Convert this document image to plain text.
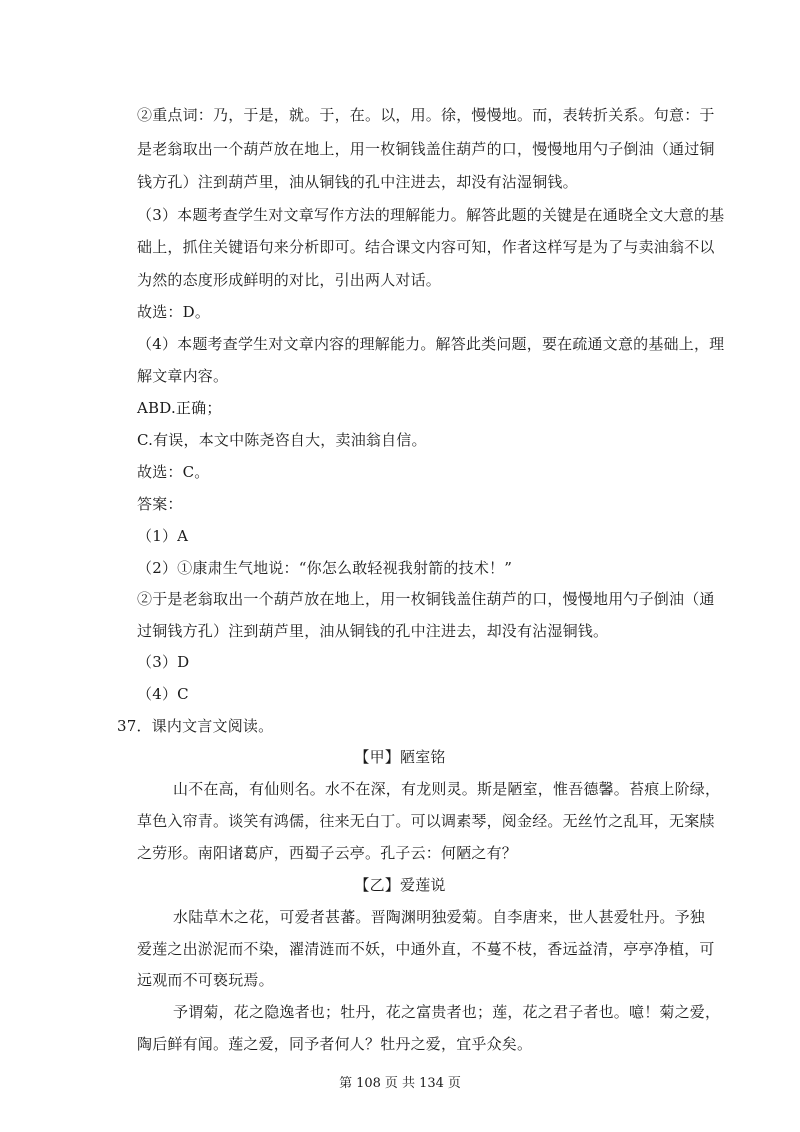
②重点词：乃，于是，就。于，在。以，用。徐，慢慢地。而，表转折关系。句意：于
是老翁取出一个葫芦放在地上，用一枚铜钱盖住葫芦的口，慢慢地用勺子倒油（通过铜
钱方孔）注到葫芦里，油从铜钱的孔中注进去，却没有沾湿铜钱。
（3）本题考查学生对文章写作方法的理解能力。解答此题的关键是在通晓全文大意的基
础上，抓住关键语句来分析即可。结合课文内容可知，作者这样写是为了与卖油翁不以
为然的态度形成鲜明的对比，引出两人对话。
故选：D。
（4）本题考查学生对文章内容的理解能力。解答此类问题，要在疏通文意的基础上，理
解文章内容。
ABD.正确；
C.有误，本文中陈尧咨自大，卖油翁自信。
故选：C。
答案：
（1）A
（2）①康肃生气地说：“你怎么敢轻视我射箭的技术！”
②于是老翁取出一个葫芦放在地上，用一枚铜钱盖住葫芦的口，慢慢地用勺子倒油（通
过铜钱方孔）注到葫芦里，油从铜钱的孔中注进去，却没有沾湿铜钱。
（3）D
（4）C
37．课内文言文阅读。
【甲】陋室铭
山不在高，有仙则名。水不在深，有龙则灵。斯是陋室，惟吾德馨。苔痕上阶绿，
草色入帘青。谈笑有鸿儒，往来无白丁。可以调素琴，阅金经。无丝竹之乱耳，无案牍
之劳形。南阳诸葛庐，西蜀子云亭。孔子云：何陋之有？
【乙】爱莲说
水陆草木之花，可爱者甚蕃。晋陶渊明独爱菊。自李唐来，世人甚爱牡丹。予独
爱莲之出淤泥而不染，濯清涟而不妖，中通外直，不蔓不枝，香远益清，亭亭净植，可
远观而不可亵玩焉。
予谓菊，花之隐逸者也；牡丹，花之富贵者也；莲，花之君子者也。噫！菊之爱，
陶后鲜有闻。莲之爱，同予者何人？牡丹之爱，宜乎众矣。
第 108 页 共 134 页
